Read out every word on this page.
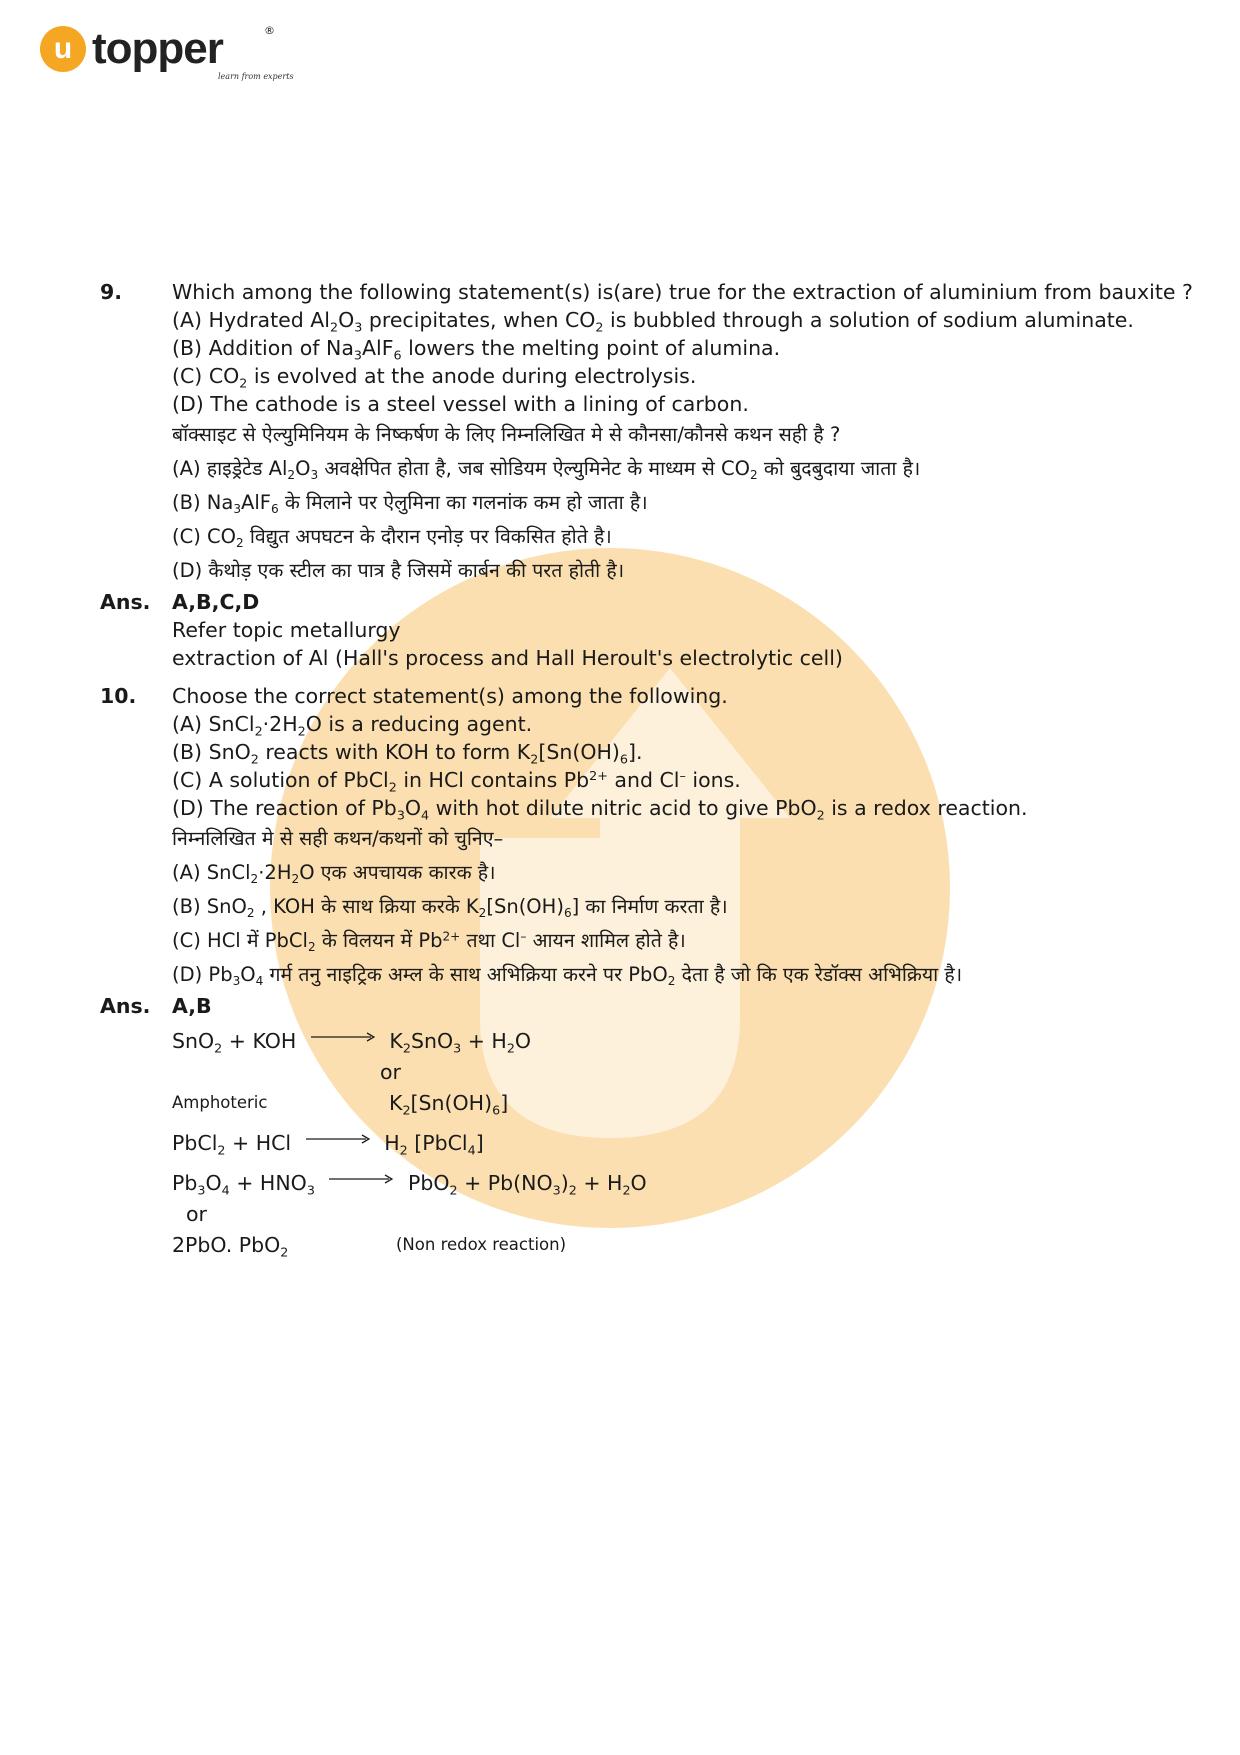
u topper	®
learn from experts
9. Which among the following statement(s) is(are) true for the extraction of aluminium from bauxite ?
(A) Hydrated $Al_2O_3$ precipitates, when $CO_2$ is bubbled through a solution of sodium aluminate.
(B) Addition of $Na_3AlF_6$ lowers the melting point of alumina.
(C) $CO_2$ is evolved at the anode during electrolysis.
(D) The cathode is a steel vessel with a lining of carbon.
बॉक्साइट से ऐल्युमिनियम के निष्कर्षण के लिए निम्नलिखित मे से कौनसा/कौनसे कथन सही है ?
(A) हाइड्रेटेड $Al_2O_3$ अवक्षेपित होता है, जब सोडियम ऐल्युमिनेट के माध्यम से $CO_2$ को बुदबुदाया जाता है।
(B) $Na_3AlF_6$ के मिलाने पर ऐलुमिना का गलनांक कम हो जाता है।
(C) $CO_2$ विद्युत अपघटन के दौरान एनोड़ पर विकसित होते है।
(D) कैथोड़ एक स्टील का पात्र है जिसमें कार्बन की परत होती है।
Ans. A,B,C,D
Refer topic metallurgy
extraction of Al (Hall's process and Hall Heroult's electrolytic cell)
10. Choose the correct statement(s) among the following.
(A) $SnCl_2\cdot 2H_2O$ is a reducing agent.
(B) SnO$_2$ reacts with KOH to form $K_2[Sn(OH)_6]$.
(C) A solution of PbCl$_2$ in HCl contains $Pb^{2+}$ and Cl– ions.
(D) The reaction of $Pb_3O_4$ with hot dilute nitric acid to give PbO$_2$ is a redox reaction.
निम्नलिखित मे से सही कथन/कथनों को चुनिए–
(A) $SnCl_2\cdot 2H_2O$ एक अपचायक कारक है।
(B) SnO$_2$ , KOH के साथ क्रिया करके $K_2[Sn(OH)_6]$ का निर्माण करता है।
(C) HCl में PbCl$_2$ के विलयन में $Pb^{2+}$ तथा Cl– आयन शामिल होते है।
(D) $Pb_3O_4$ गर्म तनु नाइट्रिक अम्ल के साथ अभिक्रिया करने पर PbO$_2$ देता है जो कि एक रेडॉक्स अभिक्रिया है।
Ans. A,B
SnO$_2$ + KOH → $K_2SnO_3 + H_2O$
or
Amphoteric	$K_2[Sn(OH)_6]$
PbCl$_2$ + HCl → $H_2$ [PbCl$_4$]
$Pb_3O_4 + HNO_3 \to PbO_2 + Pb(NO_3)_2 + H_2O$
or
2PbO. PbO$_2$	(Non redox reaction)
